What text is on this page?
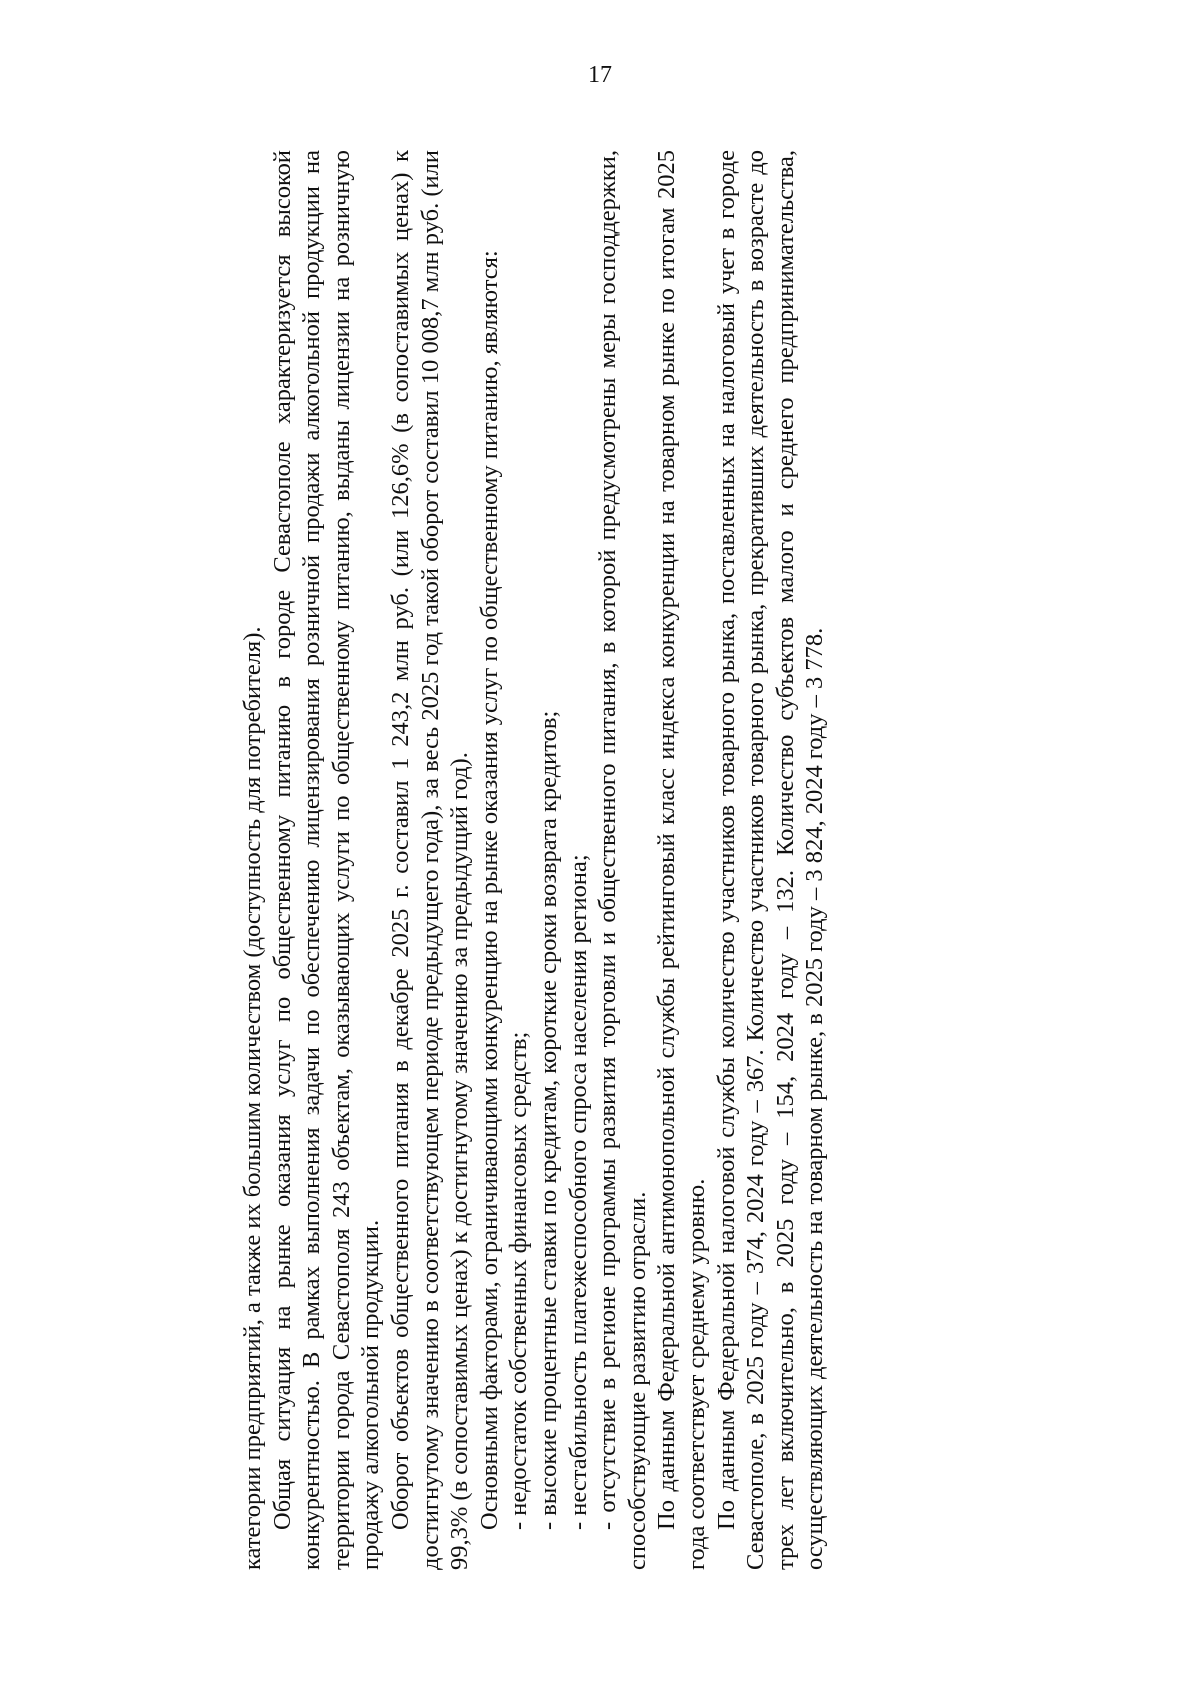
17

категории предприятий, а также их большим количеством (доступность для потребителя). Общая ситуация на рынке оказания услуг по общественному питанию в городе Севастополе характеризуется высокой конкурентностью. В рамках выполнения задачи по обеспечению лицензирования розничной продажи алкогольной продукции на территории города Севастополя 243 объектам, оказывающих услуги по общественному питанию, выданы лицензии на розничную продажу алкогольной продукции. Оборот объектов общественного питания в декабре 2025 г. составил 1 243,2 млн руб. (или 126,6% (в сопоставимых ценах) к достигнутому значению в соответствующем периоде предыдущего года), за весь 2025 год такой оборот составил 10 008,7 млн руб. (или 99,3% (в сопоставимых ценах) к достигнутому значению за предыдущий год). Основными факторами, ограничивающими конкуренцию на рынке оказания услуг по общественному питанию, являются: - недостаток собственных финансовых средств; - высокие процентные ставки по кредитам, короткие сроки возврата кредитов; - нестабильность платежеспособного спроса населения региона; - отсутствие в регионе программы развития торговли и общественного питания, в которой предусмотрены меры господдержки, способствующие развитию отрасли. По данным Федеральной антимонопольной службы рейтинговый класс индекса конкуренции на товарном рынке по итогам 2025 года соответствует среднему уровню. По данным Федеральной налоговой службы количество участников товарного рынка, поставленных на налоговый учет в городе Севастополе, в 2025 году – 374, 2024 году – 367. Количество участников товарного рынка, прекративших деятельность в возрасте до трех лет включительно, в 2025 году – 154, 2024 году – 132. Количество субъектов малого и среднего предпринимательства, осуществляющих деятельность на товарном рынке, в 2025 году – 3 824, 2024 году – 3 778.
